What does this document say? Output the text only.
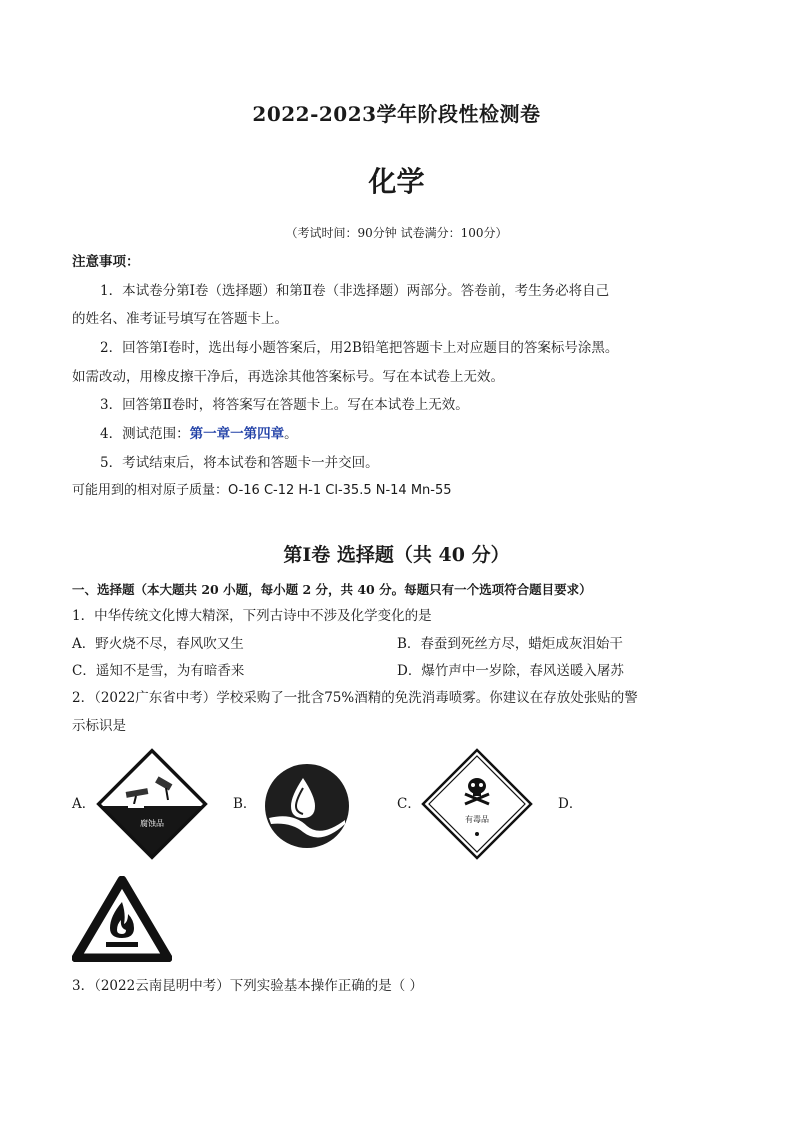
2022-2023学年阶段性检测卷
化学
（考试时间：90分钟 试卷满分：100分）
注意事项：
1．本试卷分第Ⅰ卷（选择题）和第Ⅱ卷（非选择题）两部分。答卷前，考生务必将自己
的姓名、准考证号填写在答题卡上。
2．回答第Ⅰ卷时，选出每小题答案后，用2B铅笔把答题卡上对应题目的答案标号涂黑。
如需改动，用橡皮擦干净后，再选涂其他答案标号。写在本试卷上无效。
3．回答第Ⅱ卷时，将答案写在答题卡上。写在本试卷上无效。
4．测试范围：第一章一第四章。
5．考试结束后，将本试卷和答题卡一并交回。
可能用到的相对原子质量：O-16 C-12 H-1 Cl-35.5 N-14 Mn-55
第Ⅰ卷 选择题（共 40 分）
一、选择题（本大题共 20 小题，每小题 2 分，共 40 分。每题只有一个选项符合题目要求）
1．中华传统文化博大精深，下列古诗中不涉及化学变化的是
A．野火烧不尽，春风吹又生	B．春蚕到死丝方尽，蜡炬成灰泪始干
C．遥知不是雪，为有暗香来	D．爆竹声中一岁除，春风送暖入屠苏
2．（2022广东省中考）学校采购了一批含75%酒精的免洗消毒喷雾。你建议在存放处张贴的警
示标识是
A．	B．	C．	D．
腐蚀品	有毒品
3．（2022云南昆明中考）下列实验基本操作正确的是（ ）
